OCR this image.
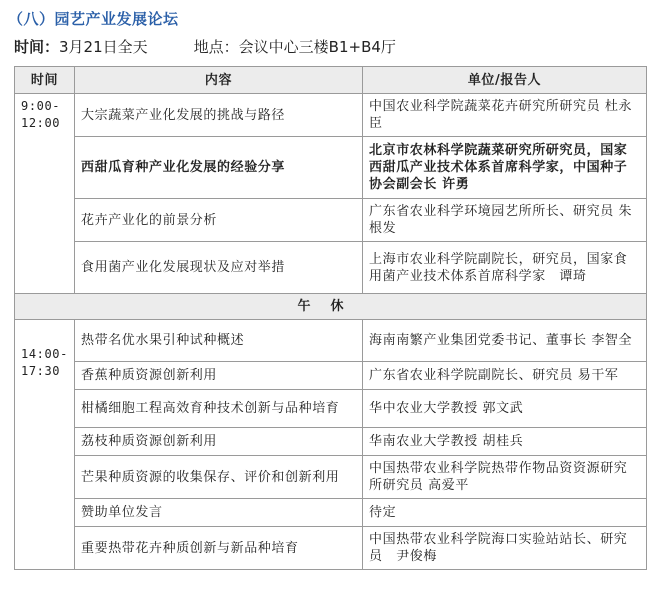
（八）园艺产业发展论坛
时间：3月21日全天	地点：会议中心三楼B1+B4厅
时间	内容	单位/报告人
9:00-
12:00	大宗蔬菜产业化发展的挑战与路径	中国农业科学院蔬菜花卉研究所研究员 杜永臣
	西甜瓜育种产业化发展的经验分享	北京市农林科学院蔬菜研究所研究员，国家西甜瓜产业技术体系首席科学家，中国种子协会副会长 许勇
	花卉产业化的前景分析	广东省农业科学环境园艺所所长、研究员 朱根发
	食用菌产业化发展现状及应对举措	上海市农业科学院副院长，研究员，国家食用菌产业技术体系首席科学家　谭琦
午休		
14:00-
17:30	热带名优水果引种试种概述	海南南繁产业集团党委书记、董事长 李智全
	香蕉种质资源创新利用	广东省农业科学院副院长、研究员 易干军
	柑橘细胞工程高效育种技术创新与品种培育	华中农业大学教授 郭文武
	荔枝种质资源创新利用	华南农业大学教授 胡桂兵
	芒果种质资源的收集保存、评价和创新利用	中国热带农业科学院热带作物品资资源研究所研究员 高爱平
	赞助单位发言	待定
	重要热带花卉种质创新与新品种培育	中国热带农业科学院海口实验站站长、研究员　尹俊梅
